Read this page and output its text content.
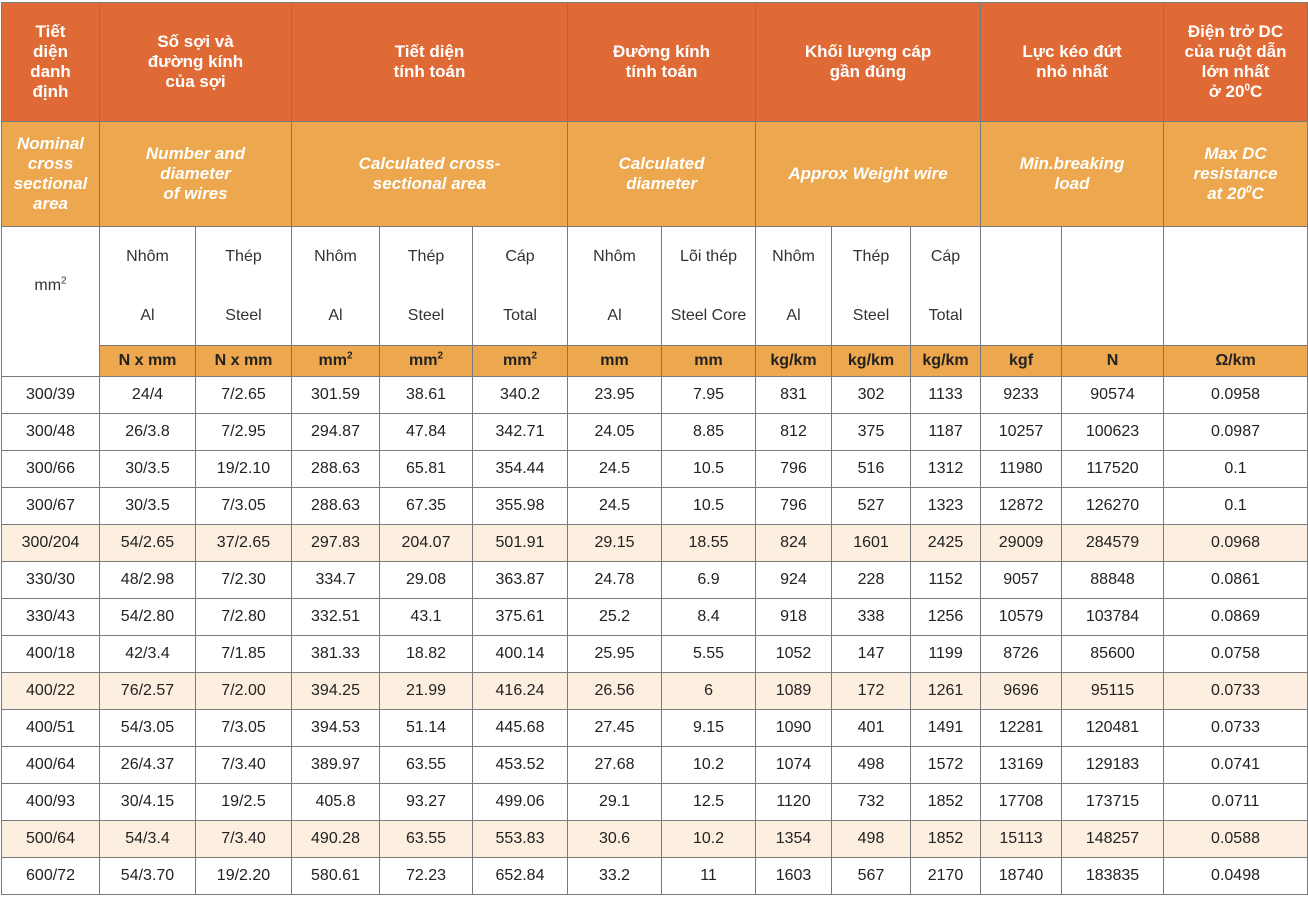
Tiết
diện
danh
định	Số sợi và
đường kính
của sợi		Tiết diện
tính toán			Đường kính
tính toán		Khối lượng cáp
gần đúng			Lực kéo đứt
nhỏ nhất		Điện trở DC
của ruột dẫn
lớn nhất
ở $20^0C$
Nominal
cross
sectional
area	Number and
diameter
of wires		Calculated cross-
sectional area			Calculated
diameter		Approx Weight wire			Min.breaking
load		Max DC
resistance
at $20^0C$
$mm^2$	Nhôm	Thép	Nhôm	Thép	Cáp	Nhôm	Lõi thép	Nhôm	Thép	Cáp			
	Al	Steel	Al	Steel	Total	Al	Steel Core	Al	Steel	Total			
	N x mm	N x mm	$mm^2$	$mm^2$	$mm^2$	mm	mm	kg/km	kg/km	kg/km	kgf	N	Ω/km
300/39	24/4	7/2.65	301.59	38.61	340.2	23.95	7.95	831	302	1133	9233	90574	0.0958
300/48	26/3.8	7/2.95	294.87	47.84	342.71	24.05	8.85	812	375	1187	10257	100623	0.0987
300/66	30/3.5	19/2.10	288.63	65.81	354.44	24.5	10.5	796	516	1312	11980	117520	0.1
300/67	30/3.5	7/3.05	288.63	67.35	355.98	24.5	10.5	796	527	1323	12872	126270	0.1
300/204	54/2.65	37/2.65	297.83	204.07	501.91	29.15	18.55	824	1601	2425	29009	284579	0.0968
330/30	48/2.98	7/2.30	334.7	29.08	363.87	24.78	6.9	924	228	1152	9057	88848	0.0861
330/43	54/2.80	7/2.80	332.51	43.1	375.61	25.2	8.4	918	338	1256	10579	103784	0.0869
400/18	42/3.4	7/1.85	381.33	18.82	400.14	25.95	5.55	1052	147	1199	8726	85600	0.0758
400/22	76/2.57	7/2.00	394.25	21.99	416.24	26.56	6	1089	172	1261	9696	95115	0.0733
400/51	54/3.05	7/3.05	394.53	51.14	445.68	27.45	9.15	1090	401	1491	12281	120481	0.0733
400/64	26/4.37	7/3.40	389.97	63.55	453.52	27.68	10.2	1074	498	1572	13169	129183	0.0741
400/93	30/4.15	19/2.5	405.8	93.27	499.06	29.1	12.5	1120	732	1852	17708	173715	0.0711
500/64	54/3.4	7/3.40	490.28	63.55	553.83	30.6	10.2	1354	498	1852	15113	148257	0.0588
600/72	54/3.70	19/2.20	580.61	72.23	652.84	33.2	11	1603	567	2170	18740	183835	0.0498
